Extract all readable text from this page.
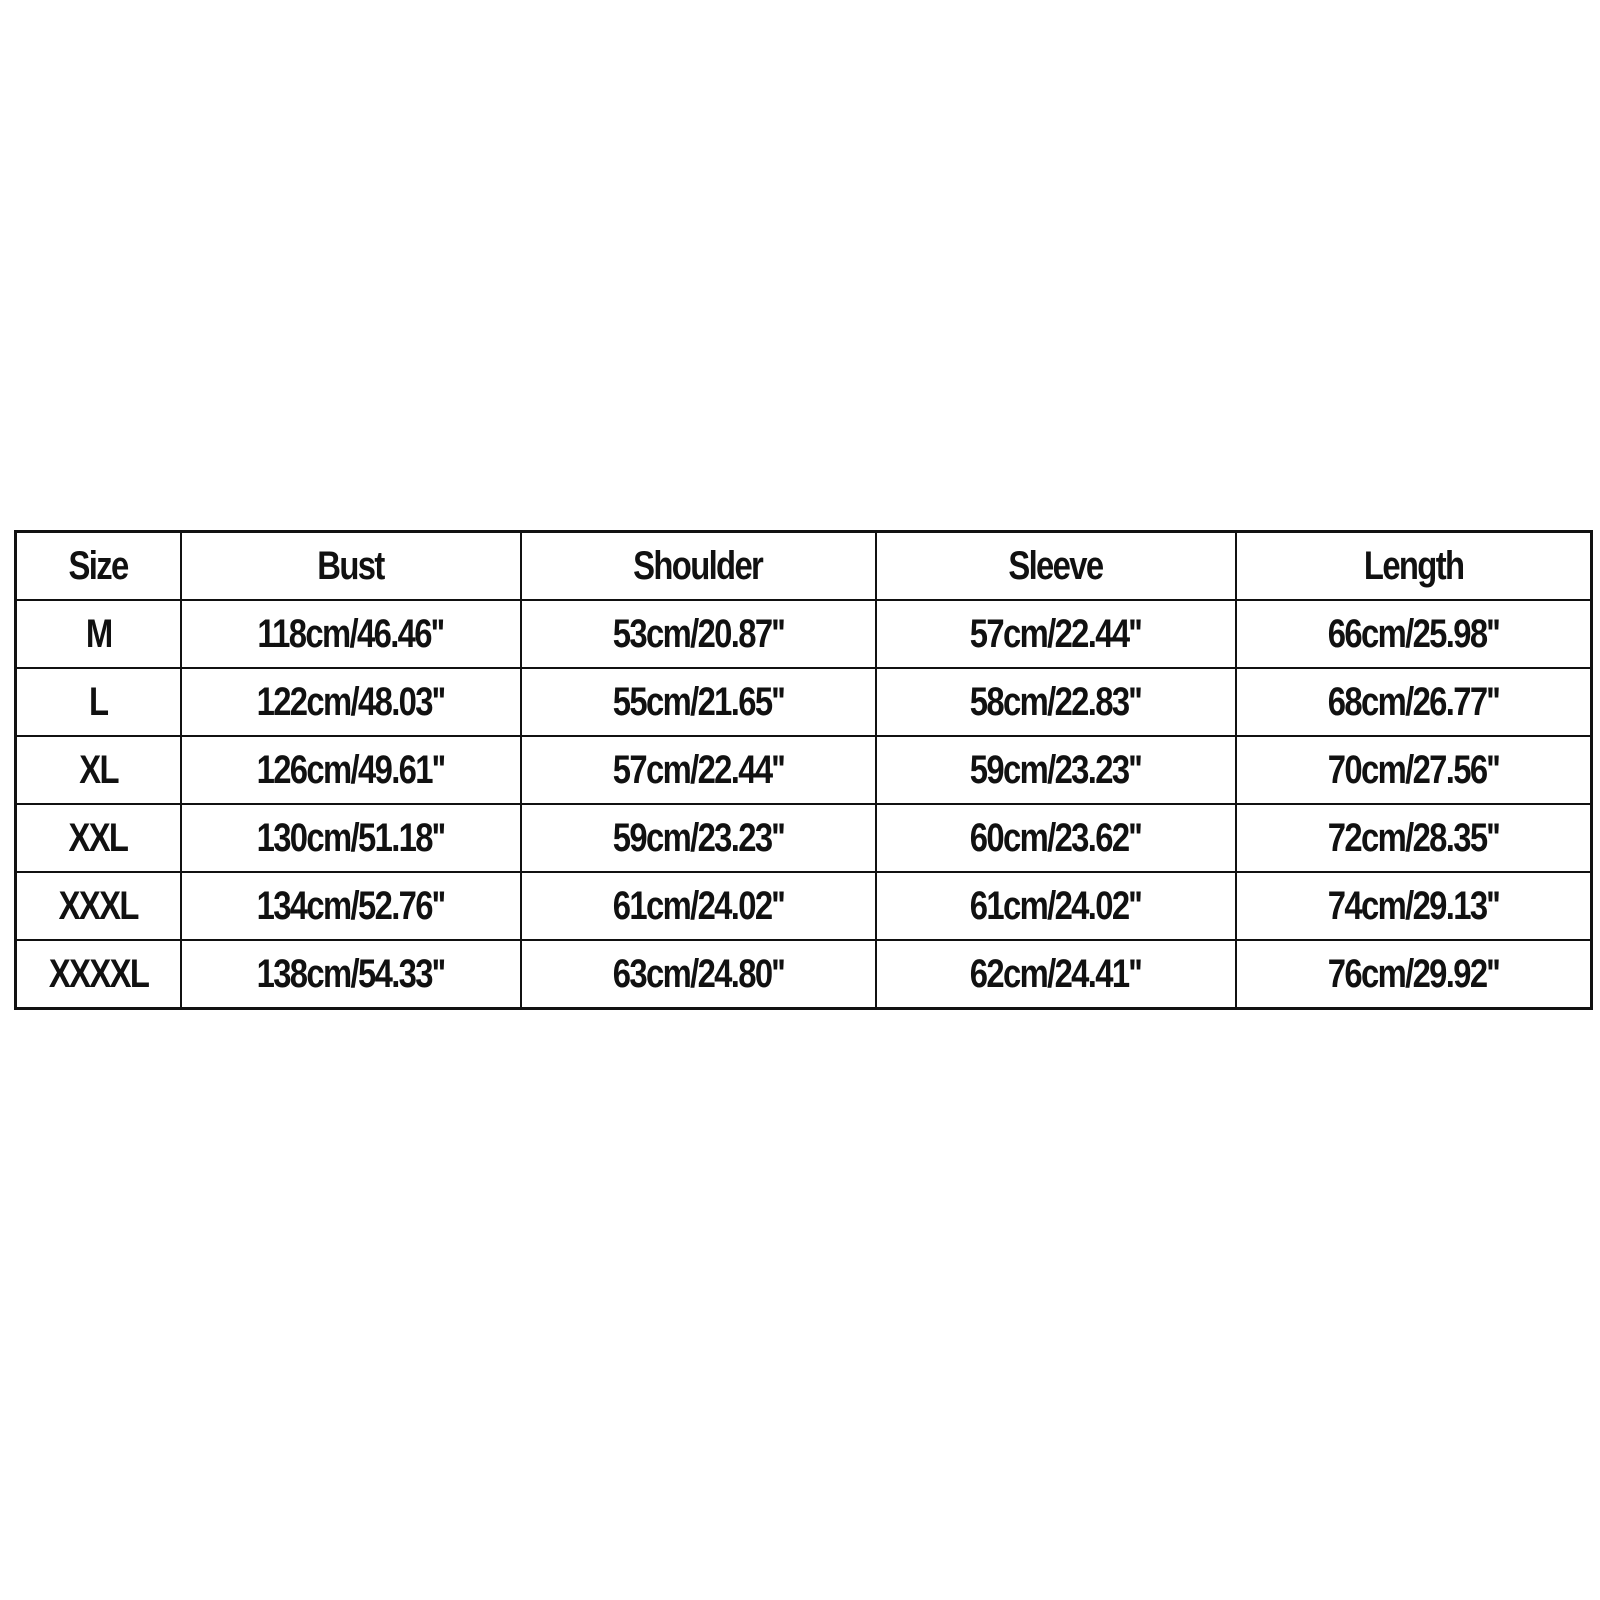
Size	Bust	Shoulder	Sleeve	Length
M	118cm/46.46''	53cm/20.87''	57cm/22.44''	66cm/25.98''
L	122cm/48.03''	55cm/21.65''	58cm/22.83''	68cm/26.77''
XL	126cm/49.61''	57cm/22.44''	59cm/23.23''	70cm/27.56''
XXL	130cm/51.18''	59cm/23.23''	60cm/23.62''	72cm/28.35''
XXXL	134cm/52.76''	61cm/24.02''	61cm/24.02''	74cm/29.13''
XXXXL	138cm/54.33''	63cm/24.80''	62cm/24.41''	76cm/29.92''
